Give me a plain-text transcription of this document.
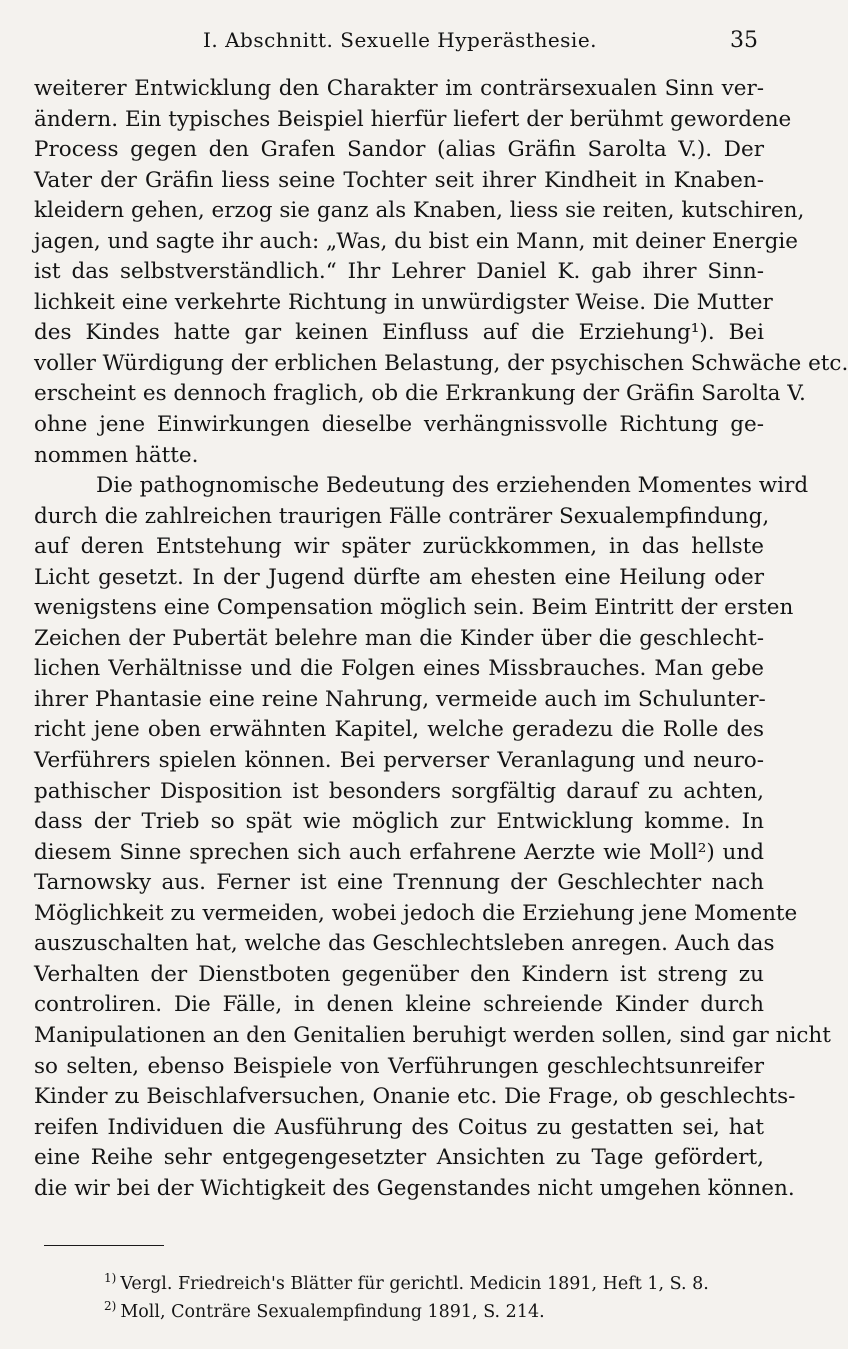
I. Abschnitt. Sexuelle Hyperästhesie.	35
weiterer Entwicklung den Charakter im conträrsexualen Sinn ver-
ändern. Ein typisches Beispiel hierfür liefert der berühmt gewordene
Process gegen den Grafen Sandor (alias Gräfin Sarolta V.). Der
Vater der Gräfin liess seine Tochter seit ihrer Kindheit in Knaben-
kleidern gehen, erzog sie ganz als Knaben, liess sie reiten, kutschiren,
jagen, und sagte ihr auch: „Was, du bist ein Mann, mit deiner Energie
ist das selbstverständlich.“ Ihr Lehrer Daniel K. gab ihrer Sinn-
lichkeit eine verkehrte Richtung in unwürdigster Weise. Die Mutter
des Kindes hatte gar keinen Einfluss auf die Erziehung¹). Bei
voller Würdigung der erblichen Belastung, der psychischen Schwäche etc.
erscheint es dennoch fraglich, ob die Erkrankung der Gräfin Sarolta V.
ohne jene Einwirkungen dieselbe verhängnissvolle Richtung ge-
nommen hätte.
Die pathognomische Bedeutung des erziehenden Momentes wird
durch die zahlreichen traurigen Fälle conträrer Sexualempfindung,
auf deren Entstehung wir später zurückkommen, in das hellste
Licht gesetzt. In der Jugend dürfte am ehesten eine Heilung oder
wenigstens eine Compensation möglich sein. Beim Eintritt der ersten
Zeichen der Pubertät belehre man die Kinder über die geschlecht-
lichen Verhältnisse und die Folgen eines Missbrauches. Man gebe
ihrer Phantasie eine reine Nahrung, vermeide auch im Schulunter-
richt jene oben erwähnten Kapitel, welche geradezu die Rolle des
Verführers spielen können. Bei perverser Veranlagung und neuro-
pathischer Disposition ist besonders sorgfältig darauf zu achten,
dass der Trieb so spät wie möglich zur Entwicklung komme. In
diesem Sinne sprechen sich auch erfahrene Aerzte wie Moll²) und
Tarnowsky aus. Ferner ist eine Trennung der Geschlechter nach
Möglichkeit zu vermeiden, wobei jedoch die Erziehung jene Momente
auszuschalten hat, welche das Geschlechtsleben anregen. Auch das
Verhalten der Dienstboten gegenüber den Kindern ist streng zu
controliren. Die Fälle, in denen kleine schreiende Kinder durch
Manipulationen an den Genitalien beruhigt werden sollen, sind gar nicht
so selten, ebenso Beispiele von Verführungen geschlechtsunreifer
Kinder zu Beischlafversuchen, Onanie etc. Die Frage, ob geschlechts-
reifen Individuen die Ausführung des Coitus zu gestatten sei, hat
eine Reihe sehr entgegengesetzter Ansichten zu Tage gefördert,
die wir bei der Wichtigkeit des Gegenstandes nicht umgehen können.
$^{1)}$ Vergl. Friedreich's Blätter für gerichtl. Medicin 1891, Heft 1, S. 8.
$^{2)}$ Moll, Conträre Sexualempfindung 1891, S. 214.
